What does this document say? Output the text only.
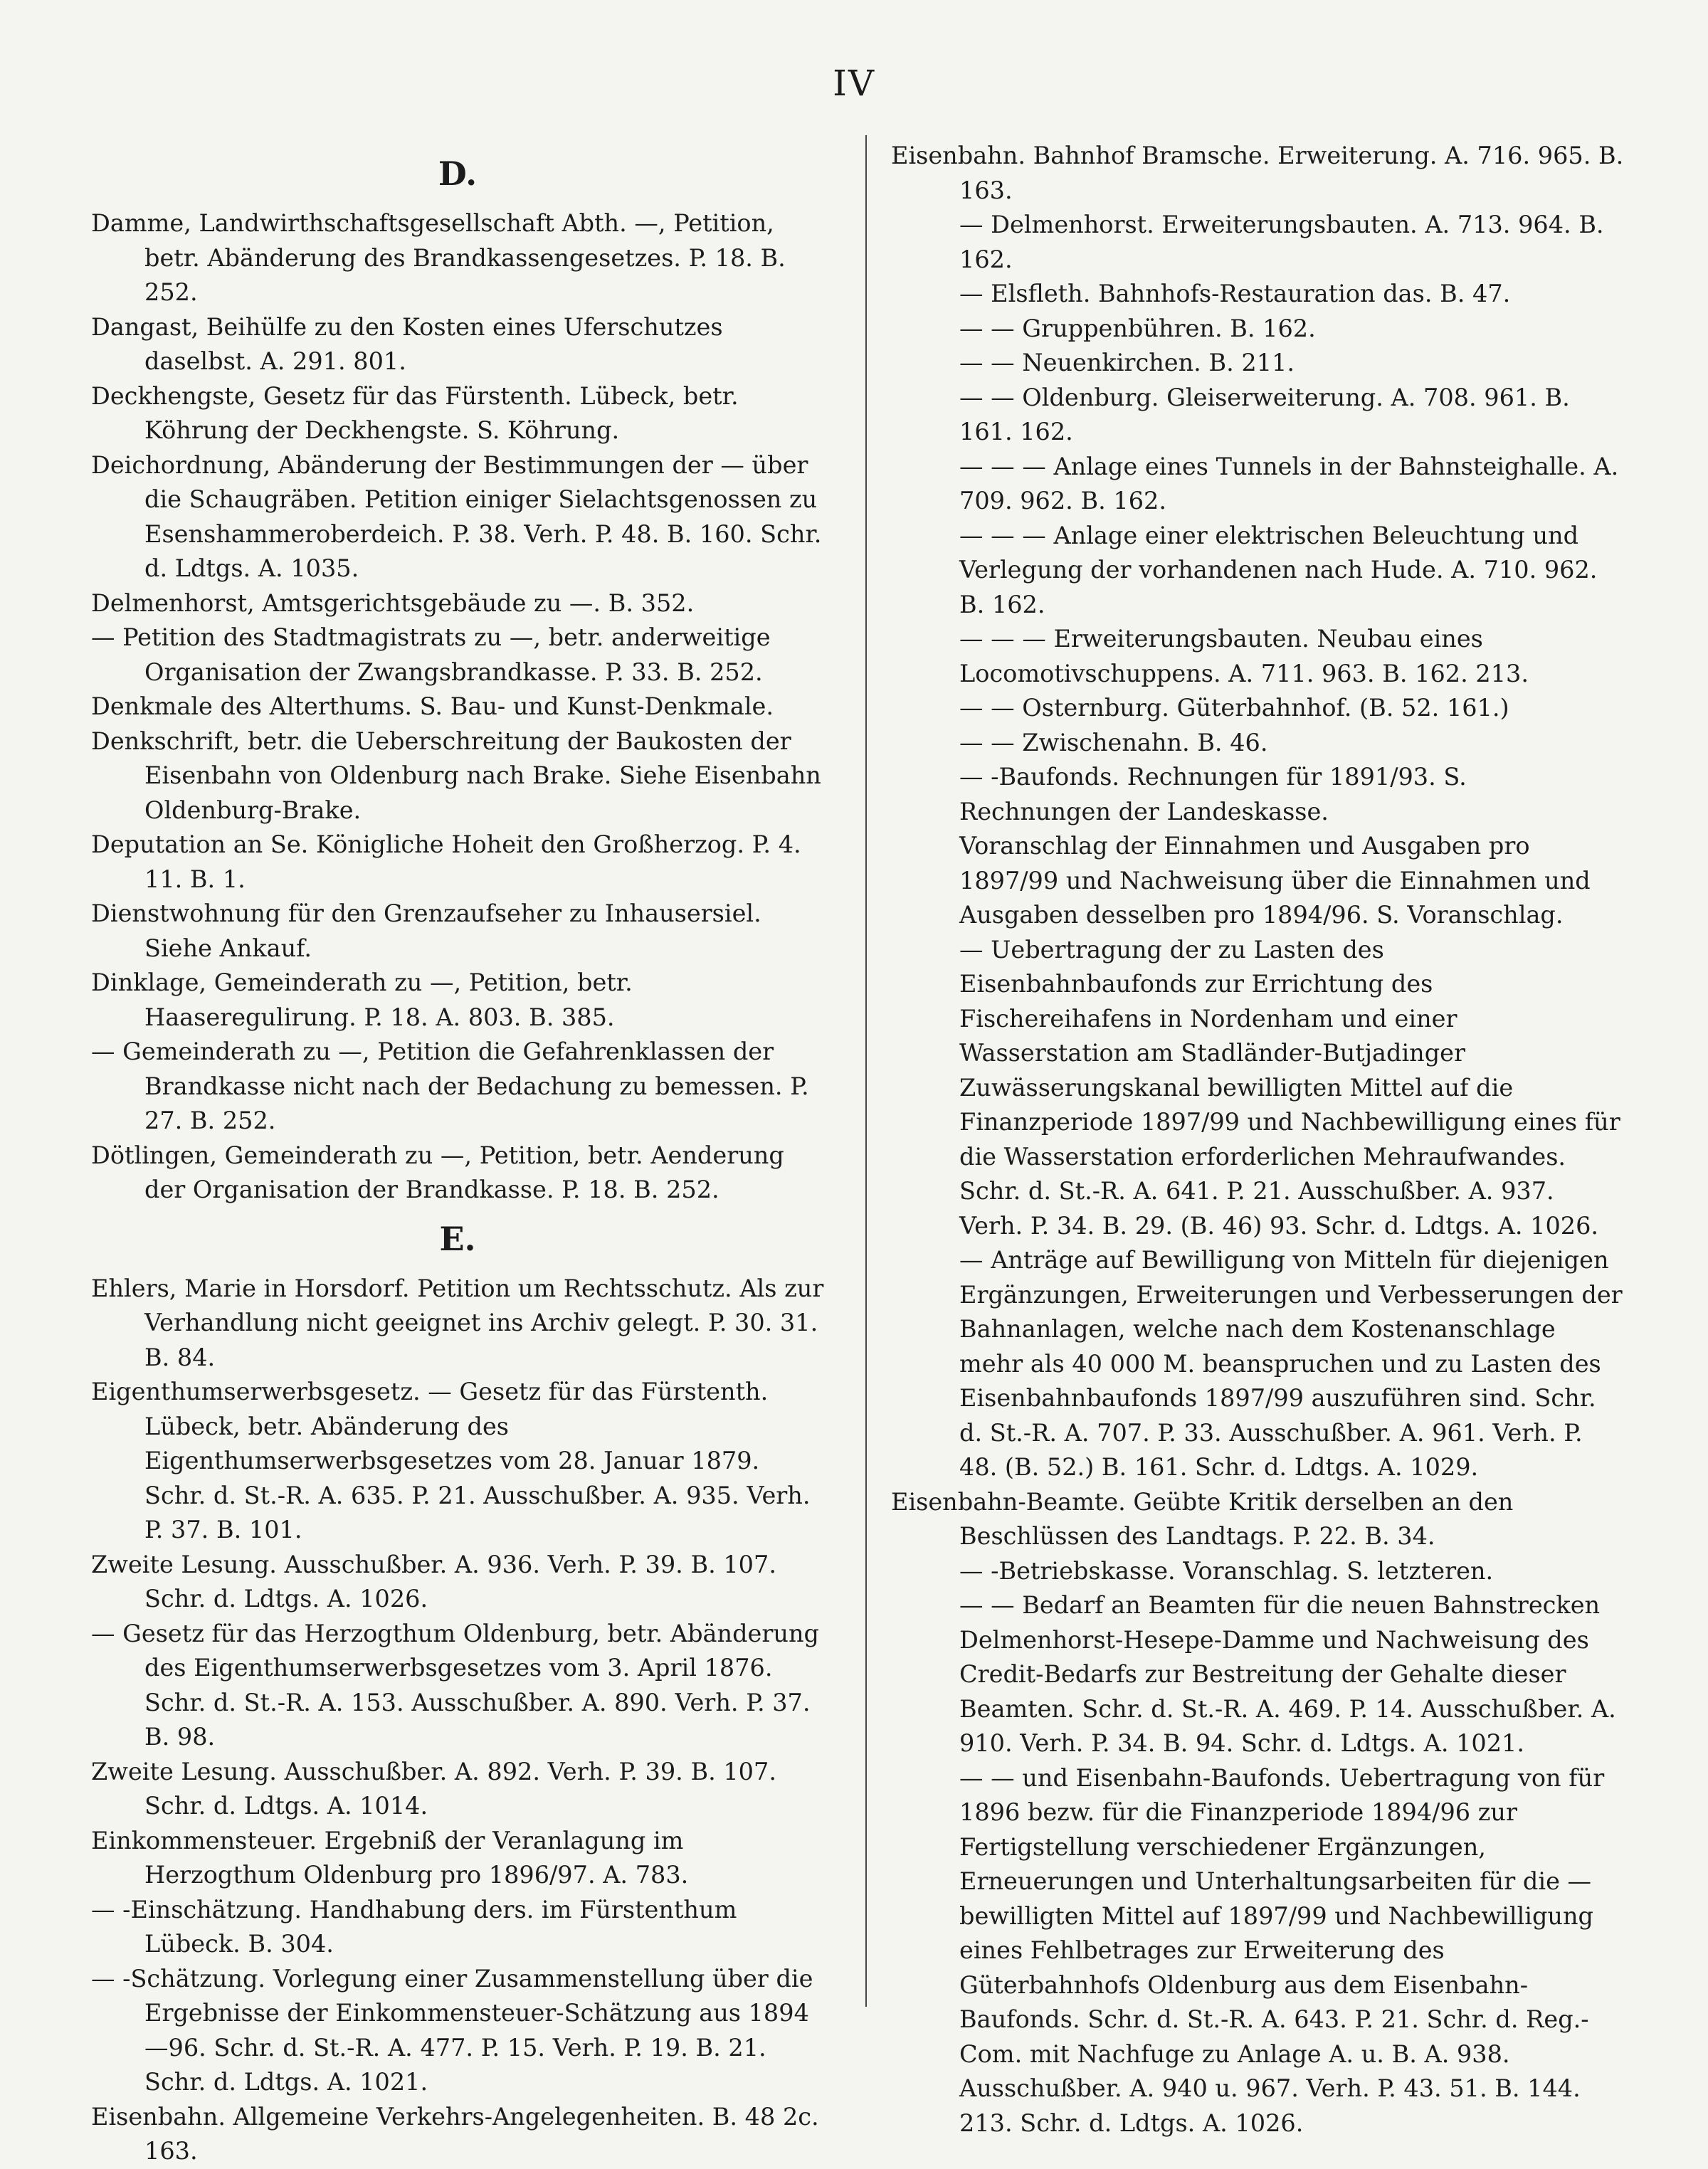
IV
D.

Damme, Landwirthschaftsgesellschaft Abth. —, Petition, betr. Abänderung des Brandkassengesetzes. P. 18. B. 252.

Dangast, Beihülfe zu den Kosten eines Uferschutzes daselbst. A. 291. 801.

Deckhengste, Gesetz für das Fürstenth. Lübeck, betr. Köhrung der Deckhengste. S. Köhrung.

Deichordnung, Abänderung der Bestimmungen der — über die Schaugräben. Petition einiger Sielachtsgenossen zu Esenshammeroberdeich. P. 38. Verh. P. 48. B. 160. Schr. d. Ldtgs. A. 1035.

Delmenhorst, Amtsgerichtsgebäude zu —. B. 352.

— Petition des Stadtmagistrats zu —, betr. anderweitige Organisation der Zwangsbrandkasse. P. 33. B. 252.

Denkmale des Alterthums. S. Bau- und Kunst-Denkmale.

Denkschrift, betr. die Ueberschreitung der Baukosten der Eisenbahn von Oldenburg nach Brake. Siehe Eisenbahn Oldenburg-Brake.

Deputation an Se. Königliche Hoheit den Großherzog. P. 4. 11. B. 1.

Dienstwohnung für den Grenzaufseher zu Inhausersiel. Siehe Ankauf.

Dinklage, Gemeinderath zu —, Petition, betr. Haaseregulirung. P. 18. A. 803. B. 385.

— Gemeinderath zu —, Petition die Gefahrenklassen der Brandkasse nicht nach der Bedachung zu bemessen. P. 27. B. 252.

Dötlingen, Gemeinderath zu —, Petition, betr. Aenderung der Organisation der Brandkasse. P. 18. B. 252.

E.

Ehlers, Marie in Horsdorf. Petition um Rechtsschutz. Als zur Verhandlung nicht geeignet ins Archiv gelegt. P. 30. 31. B. 84.

Eigenthumserwerbsgesetz. — Gesetz für das Fürstenth. Lübeck, betr. Abänderung des Eigenthumserwerbsgesetzes vom 28. Januar 1879. Schr. d. St.-R. A. 635. P. 21. Ausschußber. A. 935. Verh. P. 37. B. 101.

Zweite Lesung. Ausschußber. A. 936. Verh. P. 39. B. 107. Schr. d. Ldtgs. A. 1026.

— Gesetz für das Herzogthum Oldenburg, betr. Abänderung des Eigenthumserwerbsgesetzes vom 3. April 1876. Schr. d. St.-R. A. 153. Ausschußber. A. 890. Verh. P. 37. B. 98.

Zweite Lesung. Ausschußber. A. 892. Verh. P. 39. B. 107. Schr. d. Ldtgs. A. 1014.

Einkommensteuer. Ergebniß der Veranlagung im Herzogthum Oldenburg pro 1896/97. A. 783.

— -Einschätzung. Handhabung ders. im Fürstenthum Lübeck. B. 304.

— -Schätzung. Vorlegung einer Zusammenstellung über die Ergebnisse der Einkommensteuer-Schätzung aus 1894—96. Schr. d. St.-R. A. 477. P. 15. Verh. P. 19. B. 21. Schr. d. Ldtgs. A. 1021.

Eisenbahn. Allgemeine Verkehrs-Angelegenheiten. B. 48 2c. 163.

Eisenbahn. Bahnhof Bramsche. Erweiterung. A. 716. 965. B. 163.

— Delmenhorst. Erweiterungsbauten. A. 713. 964. B. 162.

— Elsfleth. Bahnhofs-Restauration das. B. 47.

— — Gruppenbühren. B. 162.

— — Neuenkirchen. B. 211.

— — Oldenburg. Gleiserweiterung. A. 708. 961. B. 161. 162.

— — — Anlage eines Tunnels in der Bahnsteighalle. A. 709. 962. B. 162.

— — — Anlage einer elektrischen Beleuchtung und Verlegung der vorhandenen nach Hude. A. 710. 962. B. 162.

— — — Erweiterungsbauten. Neubau eines Locomotivschuppens. A. 711. 963. B. 162. 213.

— — Osternburg. Güterbahnhof. (B. 52. 161.)

— — Zwischenahn. B. 46.

— -Baufonds. Rechnungen für 1891/93. S. Rechnungen der Landeskasse.

Voranschlag der Einnahmen und Ausgaben pro 1897/99 und Nachweisung über die Einnahmen und Ausgaben desselben pro 1894/96. S. Voranschlag.

— Uebertragung der zu Lasten des Eisenbahnbaufonds zur Errichtung des Fischereihafens in Nordenham und einer Wasserstation am Stadländer-Butjadinger Zuwässerungskanal bewilligten Mittel auf die Finanzperiode 1897/99 und Nachbewilligung eines für die Wasserstation erforderlichen Mehraufwandes. Schr. d. St.-R. A. 641. P. 21. Ausschußber. A. 937. Verh. P. 34. B. 29. (B. 46) 93. Schr. d. Ldtgs. A. 1026.

— Anträge auf Bewilligung von Mitteln für diejenigen Ergänzungen, Erweiterungen und Verbesserungen der Bahnanlagen, welche nach dem Kostenanschlage mehr als 40 000 M. beanspruchen und zu Lasten des Eisenbahnbaufonds 1897/99 auszuführen sind. Schr. d. St.-R. A. 707. P. 33. Ausschußber. A. 961. Verh. P. 48. (B. 52.) B. 161. Schr. d. Ldtgs. A. 1029.

Eisenbahn-Beamte. Geübte Kritik derselben an den Beschlüssen des Landtags. P. 22. B. 34.

— -Betriebskasse. Voranschlag. S. letzteren.

— — Bedarf an Beamten für die neuen Bahnstrecken Delmenhorst-Hesepe-Damme und Nachweisung des Credit-Bedarfs zur Bestreitung der Gehalte dieser Beamten. Schr. d. St.-R. A. 469. P. 14. Ausschußber. A. 910. Verh. P. 34. B. 94. Schr. d. Ldtgs. A. 1021.

— — und Eisenbahn-Baufonds. Uebertragung von für 1896 bezw. für die Finanzperiode 1894/96 zur Fertigstellung verschiedener Ergänzungen, Erneuerungen und Unterhaltungsarbeiten für die — bewilligten Mittel auf 1897/99 und Nachbewilligung eines Fehlbetrages zur Erweiterung des Güterbahnhofs Oldenburg aus dem Eisenbahn-Baufonds. Schr. d. St.-R. A. 643. P. 21. Schr. d. Reg.-Com. mit Nachfuge zu Anlage A. u. B. A. 938. Ausschußber. A. 940 u. 967. Verh. P. 43. 51. B. 144. 213. Schr. d. Ldtgs. A. 1026.
